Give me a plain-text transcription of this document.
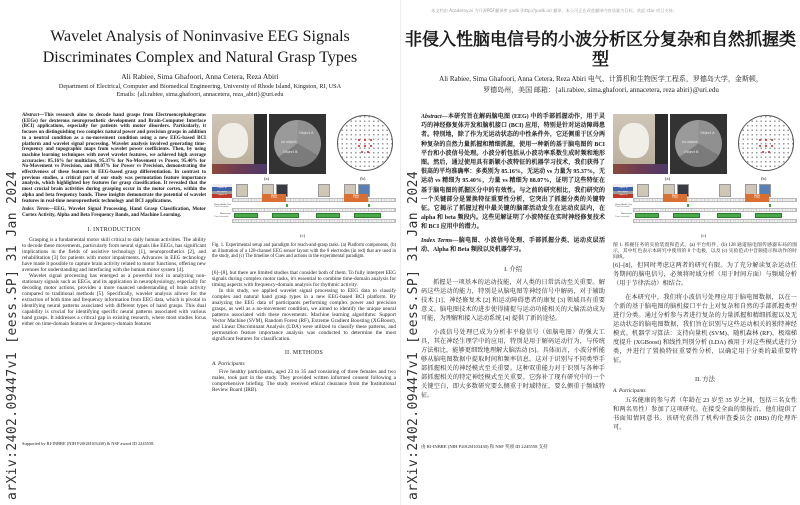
arXiv:2402.09447v1 [eess.SP] 31 Jan 2024
Wavelet Analysis of Noninvasive EEG Signals
Discriminates Complex and Natural Grasp Types

Ali Rabiee, Sima Ghafoori, Anna Cetera, Reza Abiri

Department of Electrical, Computer and Biomedical Engineering, University of Rhode Island, Kingston, RI, USA

Emails: {ali.rabiee, sima.ghafoori, annacetera, reza_abiri}@uri.edu

Abstract—This research aims to decode hand grasps from Electroencephalograms (EEGs) for dexterous neuroprosthetic development and Brain-Computer Interface (BCI) applications, especially for patients with motor disorders. Particularly, it focuses on distinguishing two complex natural power and precision grasps in addition to a neutral condition as a no-movement condition using a new EEG-based BCI platform and wavelet signal processing. Wavelet analysis involved generating time-frequency and topographic maps from wavelet power coefficients. Then, by using machine learning techniques with novel wavelet features, we achieved high average accuracies: 85.16% for multiclass, 95.37% for No-Movement vs Power, 95.40% for No-Movement vs Precision, and 88.07% for Power vs Precision, demonstrating the effectiveness of these features in EEG-based grasp differentiation. In contrast to previous studies, a critical part of our study was permutation feature importance analysis, which highlighted key features for grasp classification. It revealed that the most crucial brain activities during grasping occur in the motor cortex, within the alpha and beta frequency bands. These insights demonstrate the potential of wavelet features in real-time neuroprosthetic technology and BCI applications.

Index Terms—EEG, Wavelet Signal Processing, Hand Grasp Classification, Motor Cortex Activity, Alpha and Beta Frequency Bands, and Machine Learning.

I. INTRODUCTION

Grasping is a fundamental motor skill critical to daily human activities. The ability to decode these movements, particularly from neural signals like EEGs, has significant implications in the fields of assistive technology [1], neuroprosthetics [2], and rehabilitation [3] for patients with motor impairments. Advances in EEG technology have made it possible to capture brain activity related to motor functions, offering new avenues for understanding and interfacing with the human motor system [4].

Wavelet signal processing has emerged as a powerful tool in analyzing non-stationary signals such as EEGs, and its application in neurophysiology, especially for decoding motor actions, provides a more nuanced understanding of brain activity compared to traditional methods [5]. Specifically, wavelet analysis allows for the extraction of both time and frequency information from EEG data, which is pivotal in identifying neural patterns associated with different types of hand grasps. This dual capability is crucial for identifying specific neural patterns associated with various hand grasps. It addresses a critical gap in existing research, where most studies focus either on time-domain features or frequency-domain features

Supported by RI-INBRE (NIH P20GM103430) & NSF award ID 2245558.

Object A
no object
Object B
(a)	(b)
Load
Object A
No Object
Object B
Time (seconds)
Relax
15(s)
Relax
15(s)
Beep Audio Cue
Time (seconds)
Movement
Time (seconds)
(c)

Fig. 1. Experimental setup and paradigm for reach-and-grasp tasks. (a) Platform components, (b) an illustration of a 128-channel EEG sensor layout with the 8 electrodes (in red) that are used in the study, and (c) The timeline of Cues and actions in the experimental paradigm.

[6]–[8], but there are limited studies that consider both of them. To fully interpret EEG signals during complex motor tasks, it's essential to combine time-domain analysis for timing aspects with frequency-domain analysis for rhythmic activity.

In this study, we applied wavelet signal processing to EEG data to classify complex and natural hand grasp types in a new EEG-based BCI platform. By analyzing the EEG data of participants performing complex power and precision grasps, as well as a no-movement condition, we aimed to identify the unique neural patterns associated with these movements. Machine learning algorithms: Support Vector Machine (SVM), Random Forest (RF), Extreme Gradient Boosting (XGBoost), and Linear Discriminant Analysis (LDA) were utilized to classify these patterns, and permutation feature importance analysis was conducted to determine the most significant features for classification.

II. METHODS
A. Participants

Five healthy participants, aged 23 to 35 and consisting of three females and two males, took part in the study. They provided written informed consent following a comprehensive briefing. The study received ethical clearance from the Institutional Review Board (IRB).	arXiv:2402.09447v1 [eess.SP] 31 Jan 2024

本文档由 Academy.ai 为开源PDF翻译库 yadk (http://yudk.io) 翻译，本公司正在改进翻译内容质量为目标，欢迎 star 项目支持。

非侵入性脑电信号的小波分析区分复杂和自然抓握类型

Ali Rabiee, Sima Ghafoori, Anna Cetera, Reza Abiri 电气、计算机和生物医学工程系，罗德岛大学，金斯顿，罗德岛州，美国 邮箱：{ali.rabiee, sima.ghafoori, annacetera, reza abiri}@uri.edu

Abstract—本研究旨在解码脑电图 (EEG) 中的手部抓握动作，用于灵巧的神经修复体开发和脑机接口 (BCI) 应用，特别是针对运动障碍患者。特别地，除了作为无运动状态的中性条件外，它还侧重于区分两种复杂的自然力量抓握和精细抓握，使用一种新的基于脑电图的 BCI 平台和小波信号处理。小波分析包括从小波功率系数生成时频和地形图。然后，通过使用具有新颖小波特征的机器学习技术，我们获得了很高的平均准确率：多类别为 85.16%，无运动 vs 力量为 95.37%，无运动 vs 精细为 95.40%，力量 vs 精细为 88.07%，证明了这些特征在基于脑电图的抓握区分中的有效性。与之前的研究相比，我们研究的一个关键部分是置换特征重要性分析，它突出了抓握分类的关键特征。它揭示了抓握过程中最关键的脑部活动发生在运动皮层内，在 alpha 和 beta 频段内。这些见解证明了小波特征在实时神经修复技术和 BCI 应用中的潜力。

Index Terms—脑电图、小波信号处理、手部抓握分类、运动皮层活动、Alpha 和 Beta 频段以及机器学习。

I. 介绍

抓握是一项基本的运动技能，对人类的日常活动至关重要。解码这些运动的能力，特别是从脑电图等神经信号中解码，对于辅助技术 [1]、神经修复术 [2] 和运动障碍患者的康复 [3] 领域具有重要意义。脑电图技术的进步使得捕捉与运动功能相关的大脑活动成为可能，为理解和接入运动系统 [4] 提供了新的途径。

小波信号处理已成为分析非平稳信号（如脑电图）的强大工具，其在神经生理学中的应用，特别是用于解码运动行为，与传统方法相比，能够更细致地理解大脑活动 [5]。具体而言，小波分析能够从脑电图数据中提取时间和频率信息。这对于识别与不同类型手部抓握相关的神经模式至关重要。这种双重能力对于识别与各种手部抓握相关的特定神经模式至关重要。它弥补了现有研究中的一个关键空白，即大多数研究要么侧重于时域特征，要么侧重于频域特征。

由 RI-INBRE (NIH P20GM103430) 和 NSF 奖项 ID 2245558 支持

Object A
no object
Object B
(a)	(b)
Load
Object A
No Object
Object B
Time (seconds)
Relax
15(s)
Relax
15(s)
Beep Audio Cue
Time (seconds)
Movement
Time (seconds)
(c)

图 1. 抓握任务的实验装置和范式。(a) 平台组件，(b) 128 通道脑电图传感器布局的图示，其中红色表示本研究中使用的 8 个电极，以及 (c) 实验范式中音频提示和动作的时间线。

[6]–[8]，但同时考虑这两者的研究有限。为了充分解读复杂运动任务期间的脑电信号，必须将时域分析（用于时间方面）与频域分析（用于节律活动）相结合。

在本研究中，我们将小波信号处理应用于脑电图数据，以在一个新的基于脑电图的脑机接口平台上对复杂和自然的手部抓握类型进行分类。通过分析参与者进行复杂的力量抓握和精细抓握以及无运动状态的脑电图数据，我们旨在识别与这些运动相关的独特神经模式。机器学习算法：支持向量机 (SVM)、随机森林 (RF)、极端梯度提升 (XGBoost) 和线性判别分析 (LDA) 被用于对这些模式进行分类，并进行了置换特征重要性分析，以确定用于分类的最重要特征。

II. 方法
A. Participants

五名健康的参与者（年龄在 23 岁至 35 岁之间，包括三名女性和两名男性）参加了这项研究。在接受全面的简报后，他们提供了书面知情同意书。该研究获得了机构审查委员会 (IRB) 的伦理许可。
